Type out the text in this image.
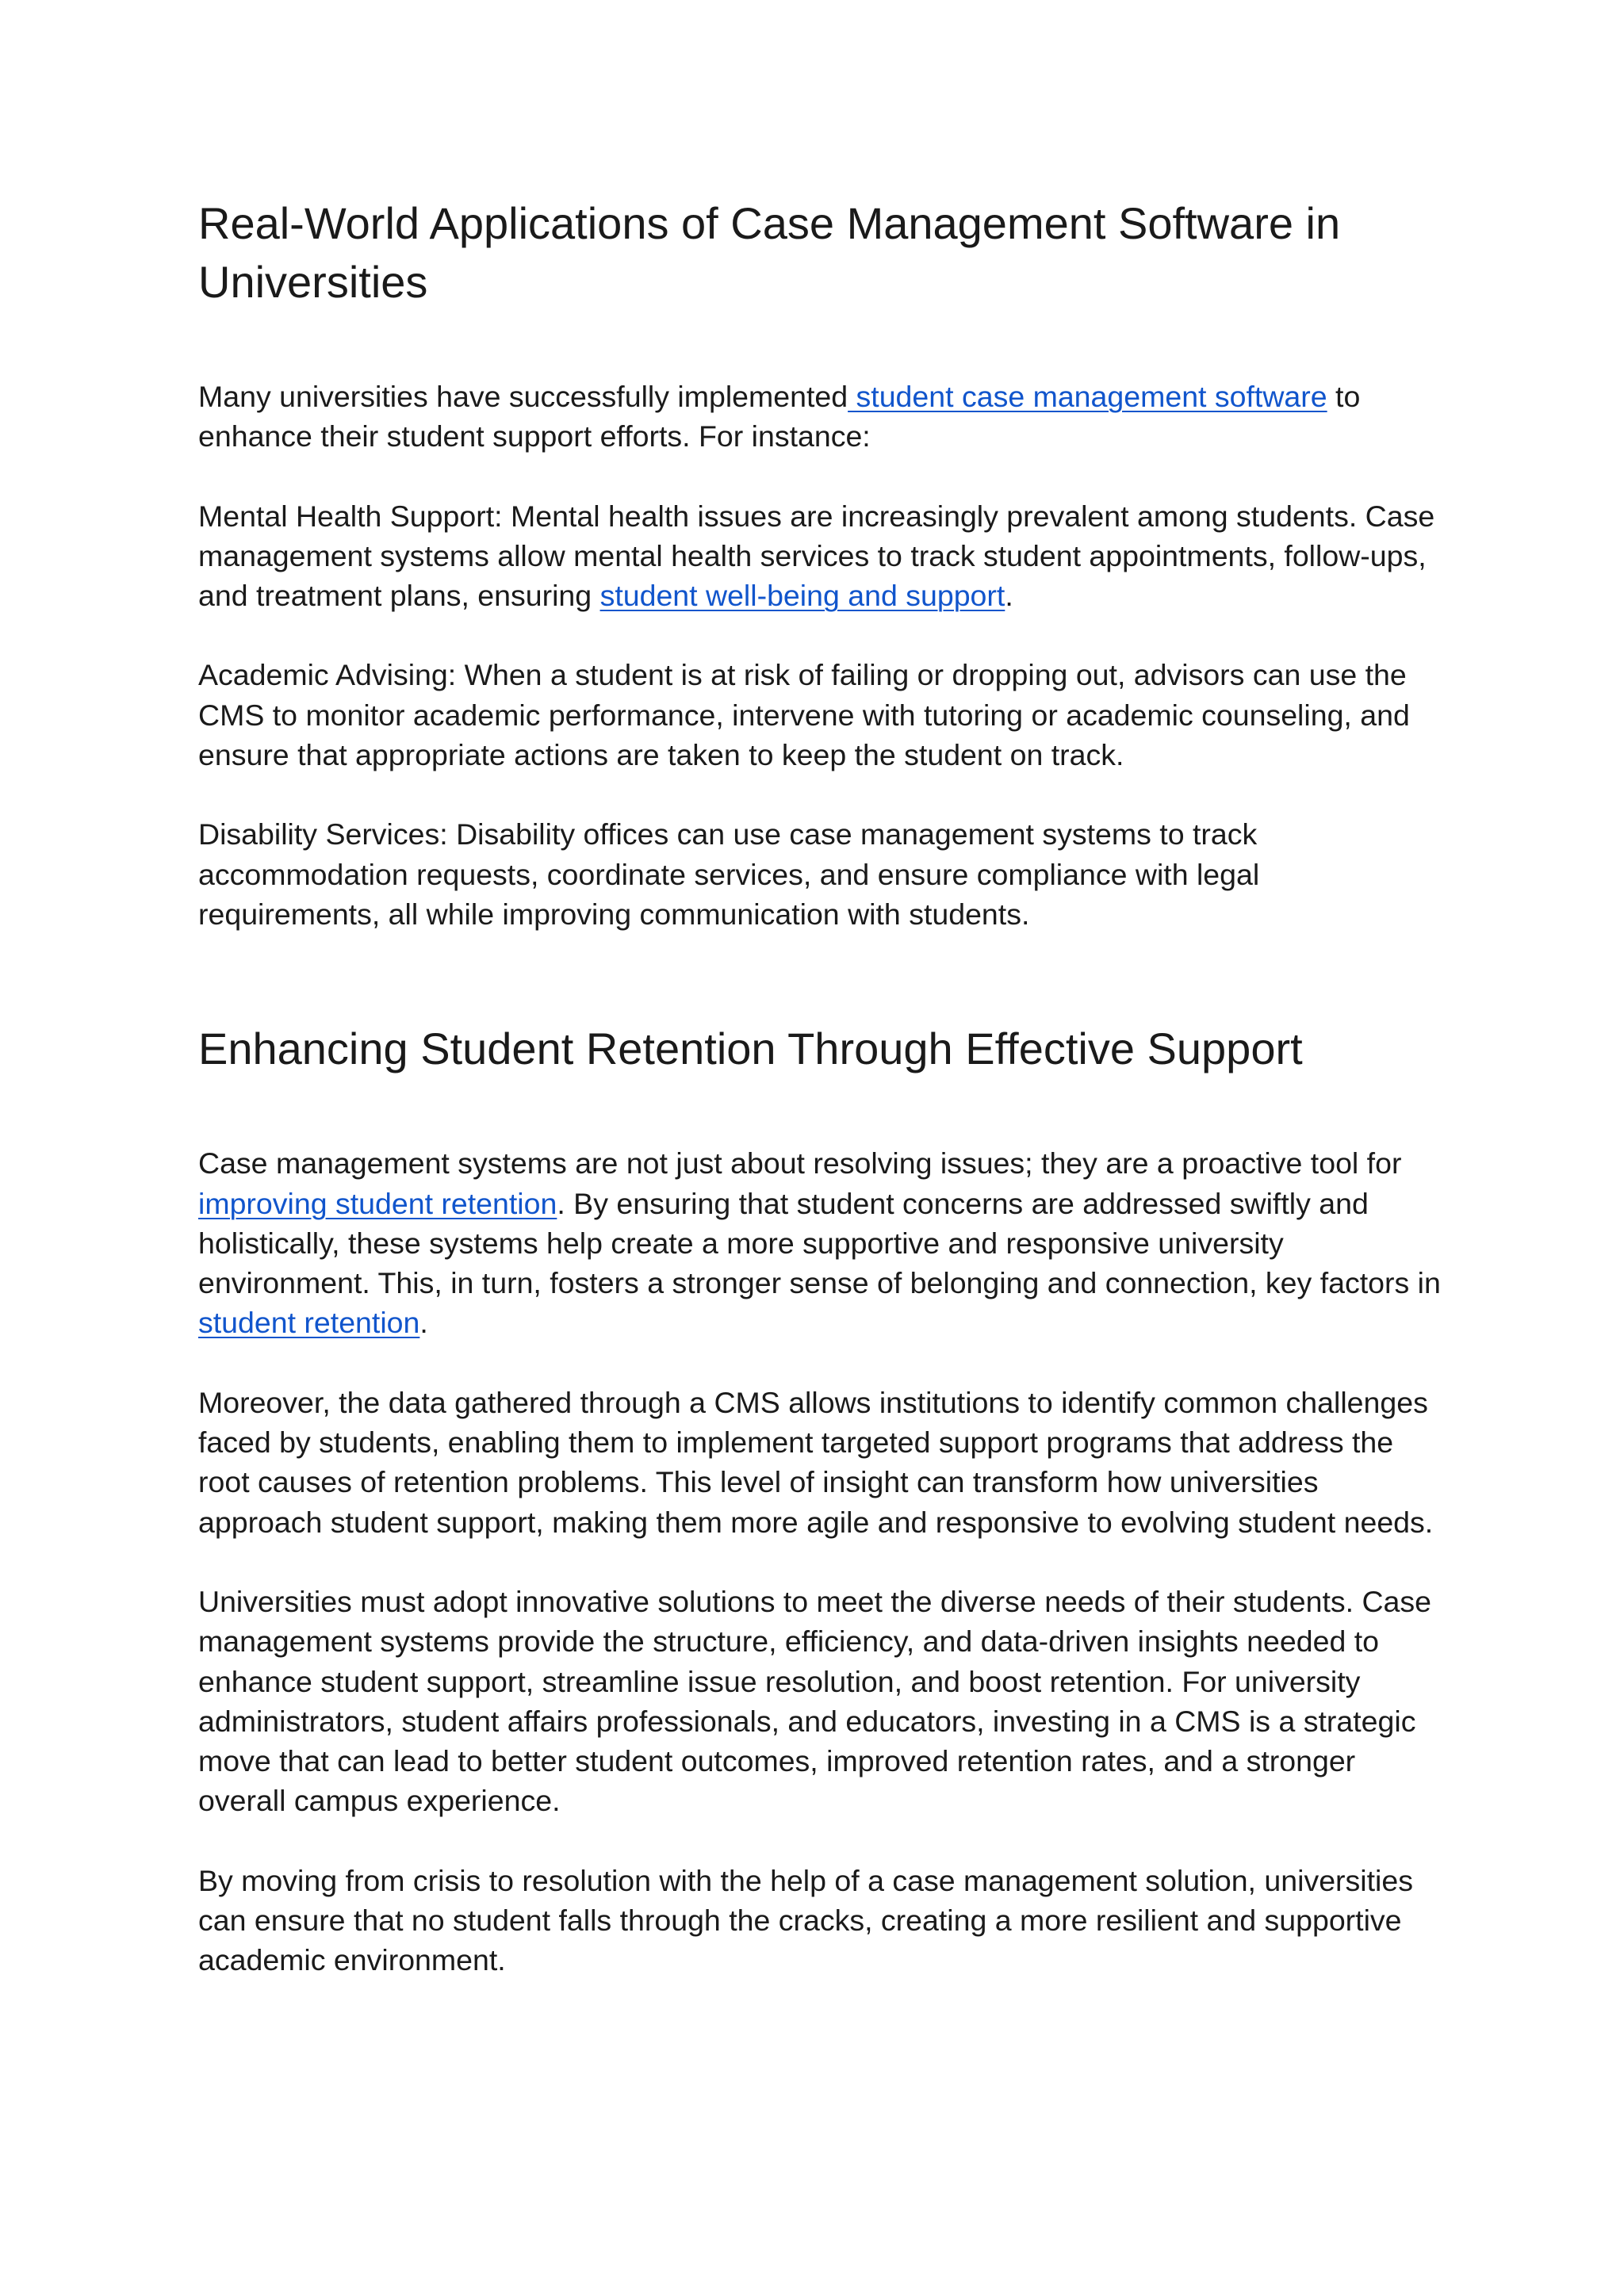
Real-World Applications of Case Management Software in Universities

Many universities have successfully implemented student case management software to enhance their student support efforts. For instance:

Mental Health Support: Mental health issues are increasingly prevalent among students. Case management systems allow mental health services to track student appointments, follow-ups, and treatment plans, ensuring student well-being and support.

Academic Advising: When a student is at risk of failing or dropping out, advisors can use the CMS to monitor academic performance, intervene with tutoring or academic counseling, and ensure that appropriate actions are taken to keep the student on track.

Disability Services: Disability offices can use case management systems to track accommodation requests, coordinate services, and ensure compliance with legal requirements, all while improving communication with students.

Enhancing Student Retention Through Effective Support

Case management systems are not just about resolving issues; they are a proactive tool for improving student retention. By ensuring that student concerns are addressed swiftly and holistically, these systems help create a more supportive and responsive university environment. This, in turn, fosters a stronger sense of belonging and connection, key factors in student retention.

Moreover, the data gathered through a CMS allows institutions to identify common challenges faced by students, enabling them to implement targeted support programs that address the root causes of retention problems. This level of insight can transform how universities approach student support, making them more agile and responsive to evolving student needs.

Universities must adopt innovative solutions to meet the diverse needs of their students. Case management systems provide the structure, efficiency, and data-driven insights needed to enhance student support, streamline issue resolution, and boost retention. For university administrators, student affairs professionals, and educators, investing in a CMS is a strategic move that can lead to better student outcomes, improved retention rates, and a stronger overall campus experience.

By moving from crisis to resolution with the help of a case management solution, universities can ensure that no student falls through the cracks, creating a more resilient and supportive academic environment.
